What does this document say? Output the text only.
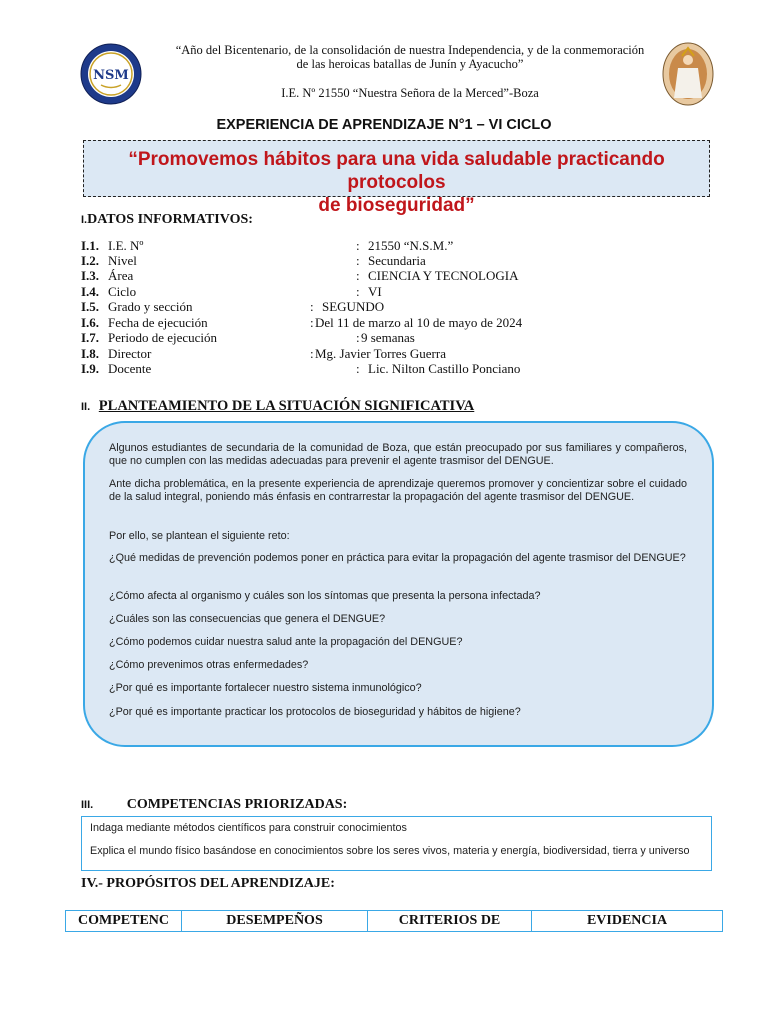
NSM
“Año del Bicentenario, de la consolidación de nuestra Independencia, y de la conmemoración
de las heroicas batallas de Junín y Ayacucho”
I.E. Nº 21550 “Nuestra Señora de la Merced”-Boza
EXPERIENCIA DE APRENDIZAJE N°1 – VI CICLO
“Promovemos hábitos para una vida saludable practicando protocolos
de bioseguridad”
I.DATOS INFORMATIVOS:
I.1. I.E. Nº	: 21550 “N.S.M.”
I.2. Nivel	: Secundaria
I.3. Área	: CIENCIA Y TECNOLOGIA
I.4. Ciclo	: VI
I.5. Grado y sección	: SEGUNDO
I.6. Fecha de ejecución	: Del 11 de marzo al 10 de mayo de 2024
I.7. Periodo de ejecución	: 9 semanas
I.8. Director	: Mg. Javier Torres Guerra
I.9. Docente	: Lic. Nilton Castillo Ponciano
II. PLANTEAMIENTO DE LA SITUACIÓN SIGNIFICATIVA
Algunos estudiantes de secundaria de la comunidad de Boza, que están preocupado por sus familiares y compañeros, que no cumplen con las medidas adecuadas para prevenir el agente trasmisor del DENGUE.
Ante dicha problemática, en la presente experiencia de aprendizaje queremos promover y concientizar sobre el cuidado de la salud integral, poniendo más énfasis en contrarrestar la propagación del agente trasmisor del DENGUE.
Por ello, se plantean el siguiente reto:
¿Qué medidas de prevención podemos poner en práctica para evitar la propagación del agente trasmisor del DENGUE?
¿Cómo afecta al organismo y cuáles son los síntomas que presenta la persona infectada?
¿Cuáles son las consecuencias que genera el DENGUE?
¿Cómo podemos cuidar nuestra salud ante la propagación del DENGUE?
¿Cómo prevenimos otras enfermedades?
¿Por qué es importante fortalecer nuestro sistema inmunológico?
¿Por qué es importante practicar los protocolos de bioseguridad y hábitos de higiene?
III. COMPETENCIAS PRIORIZADAS:
Indaga mediante métodos científicos para construir conocimientos
Explica el mundo físico basándose en conocimientos sobre los seres vivos, materia y energía, biodiversidad, tierra y universo
IV.- PROPÓSITOS DEL APRENDIZAJE:
COMPETENC	DESEMPEÑOS	CRITERIOS DE	EVIDENCIA
